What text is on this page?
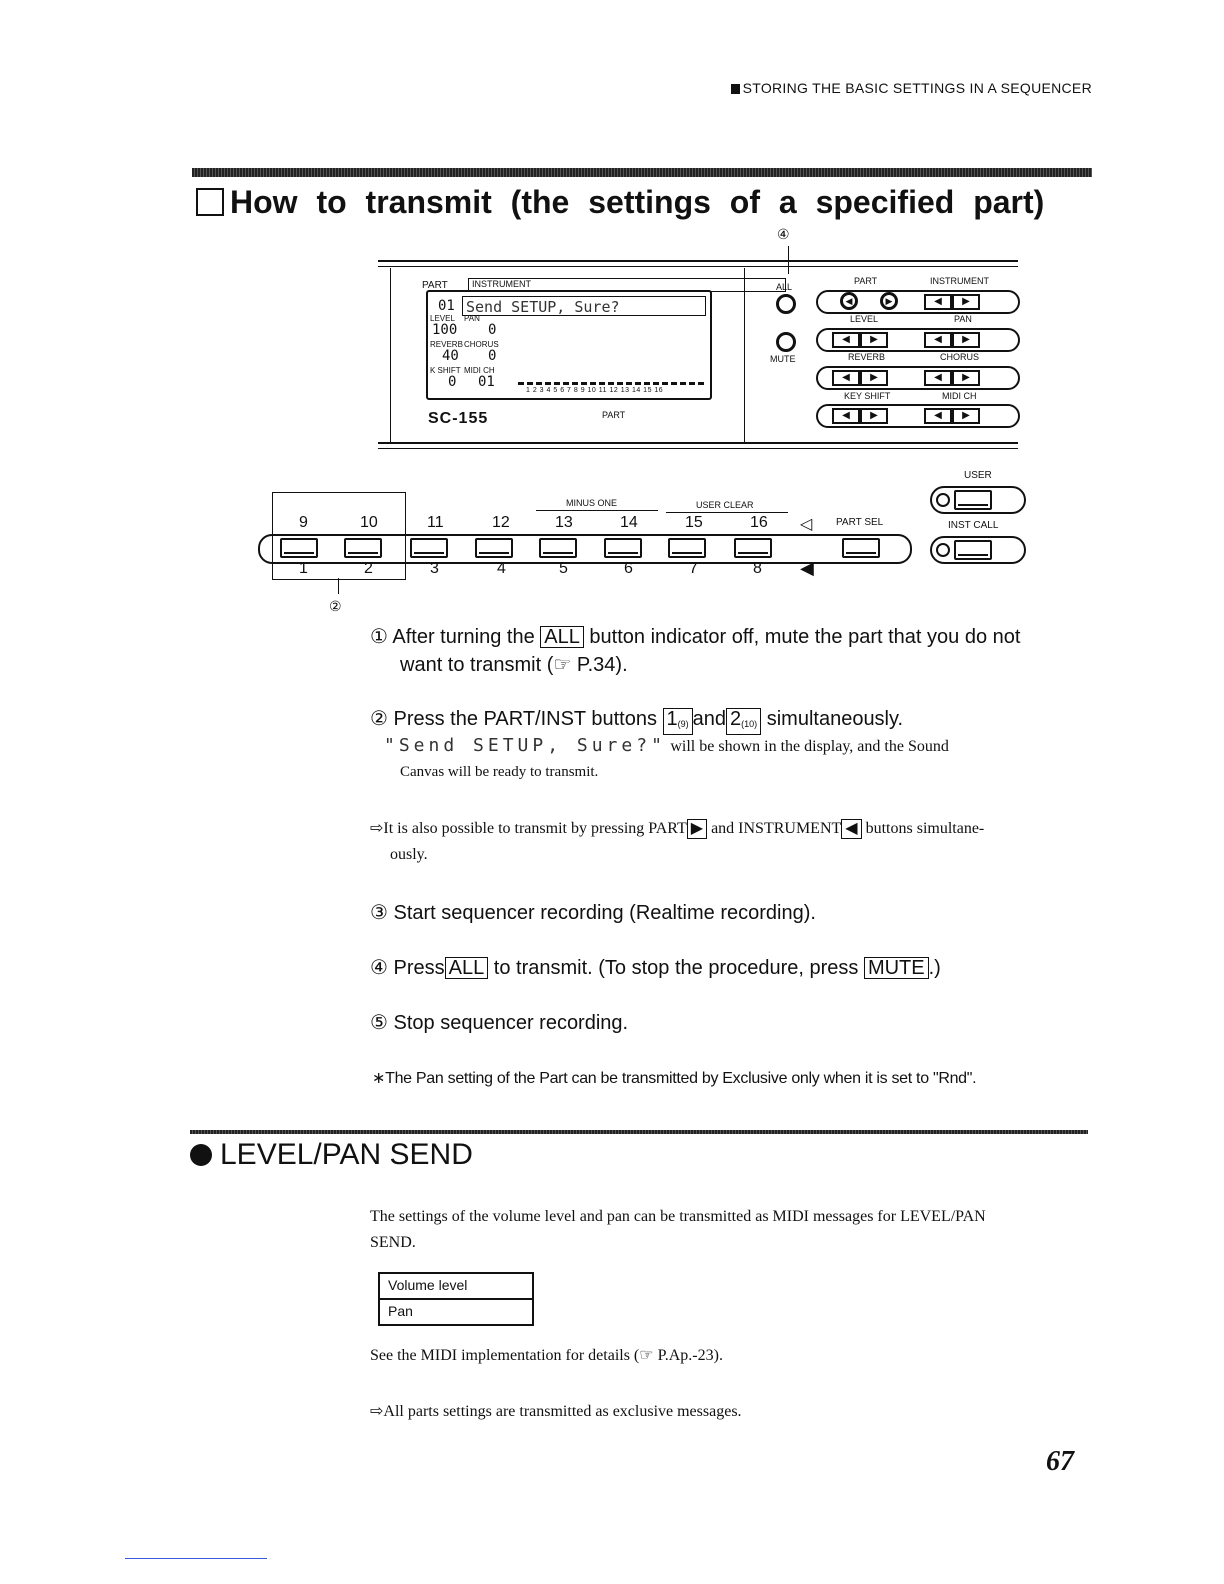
STORING THE BASIC SETTINGS IN A SEQUENCER
How to transmit (the settings of a specified part)
④
PART	INSTRUMENT
01 Send SETUP, Sure?
LEVEL PAN
100 0
REVERB CHORUS
40 0
K SHIFT MIDI CH
0 01
1 2 3 4 5 6 7 8 9 10 11 12 13 14 15 16
SC-155	PART
ALL
MUTE
PART	INSTRUMENT
◀	▶	◀	▶
LEVEL	PAN
◀	▶	◀	▶
REVERB	CHORUS
◀	▶	◀	▶
KEY SHIFT	MIDI CH
◀	▶	◀	▶
MINUS ONE	USER CLEAR
9	10	11	12	13	14	15	16 ◁ PART SEL
1	2	3	4	5	6	7	8 ◀
USER
INST CALL
②
① After turning the ALL button indicator off, mute the part that you do not
want to transmit (☞ P.34).
② Press the PART/INST buttons $1_{(9)}$ and $2_{(10)}$ simultaneously.
"Send SETUP, Sure?" will be shown in the display, and the Sound
Canvas will be ready to transmit.
⇨It is also possible to transmit by pressing PART ▶ and INSTRUMENT ◀ buttons simultane-
ously.
③ Start sequencer recording (Realtime recording).
④ Press ALL to transmit. (To stop the procedure, press MUTE .)
⑤ Stop sequencer recording.
∗The Pan setting of the Part can be transmitted by Exclusive only when it is set to "Rnd".
LEVEL/PAN SEND
The settings of the volume level and pan can be transmitted as MIDI messages for LEVEL/PAN
SEND.
Volume level
Pan
See the MIDI implementation for details (☞ P.Ap.-23).
⇨All parts settings are transmitted as exclusive messages.
67
